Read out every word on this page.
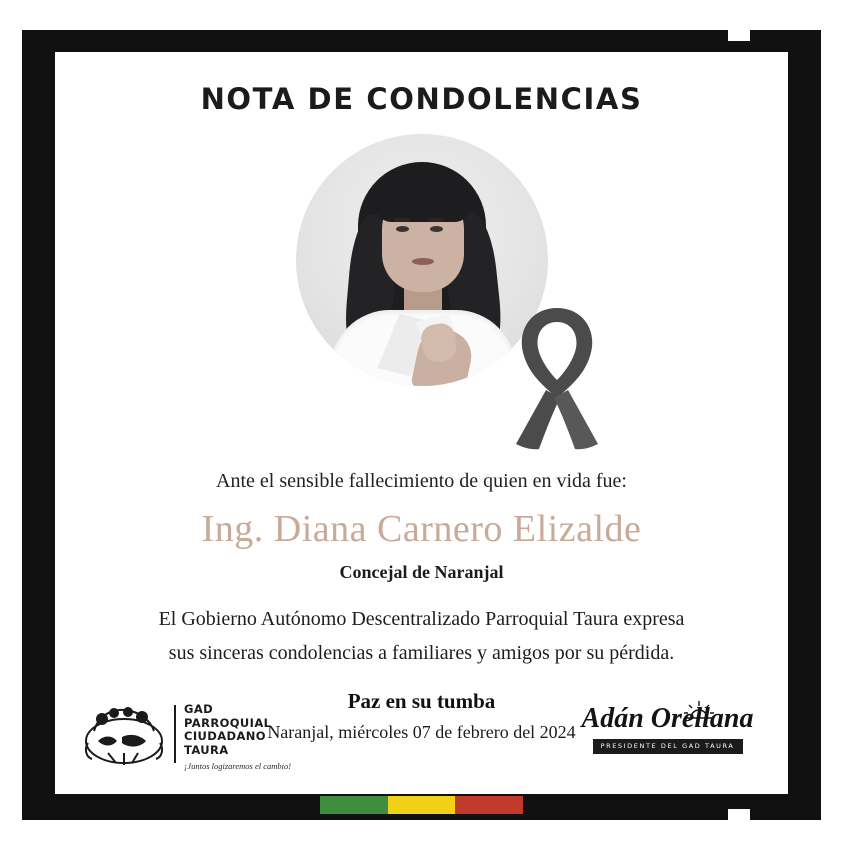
NOTA DE CONDOLENCIAS
Ante el sensible fallecimiento de quien en vida fue:
Ing. Diana Carnero Elizalde
Concejal de Naranjal
El Gobierno Autónomo Descentralizado Parroquial Taura expresa
sus sinceras condolencias a familiares y amigos por su pérdida.
Paz en su tumba
Naranjal, miércoles 07 de febrero del 2024
GAD
PARROQUIAL
CIUDADANO
TAURA
¡Juntos logizaremos el cambio!
Adán Orellana
PRESIDENTE DEL GAD TAURA
